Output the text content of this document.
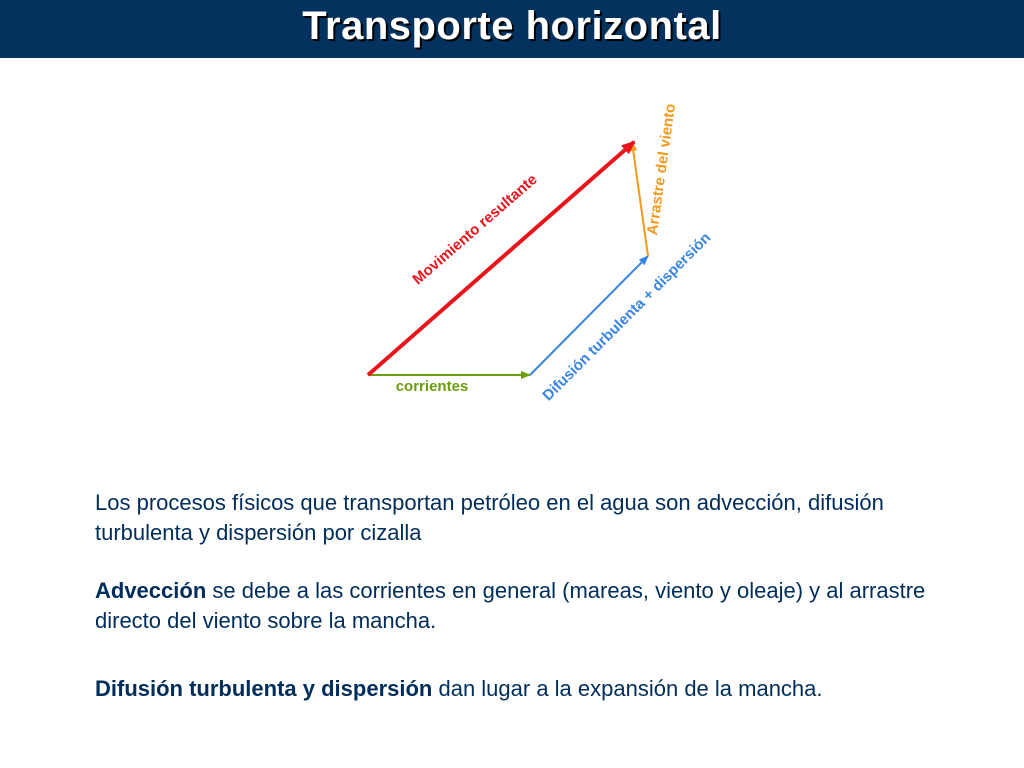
Transporte horizontal
corrientes	Difusión turbulenta + dispersión
Arrastre del viento
Movimiento resultante
Los procesos físicos que transportan petróleo en el agua son advección, difusión turbulenta y dispersión por cizalla
Advección se debe a las corrientes en general (mareas, viento y oleaje) y al arrastre directo del viento sobre la mancha.
Difusión turbulenta y dispersión dan lugar a la expansión de la mancha.
